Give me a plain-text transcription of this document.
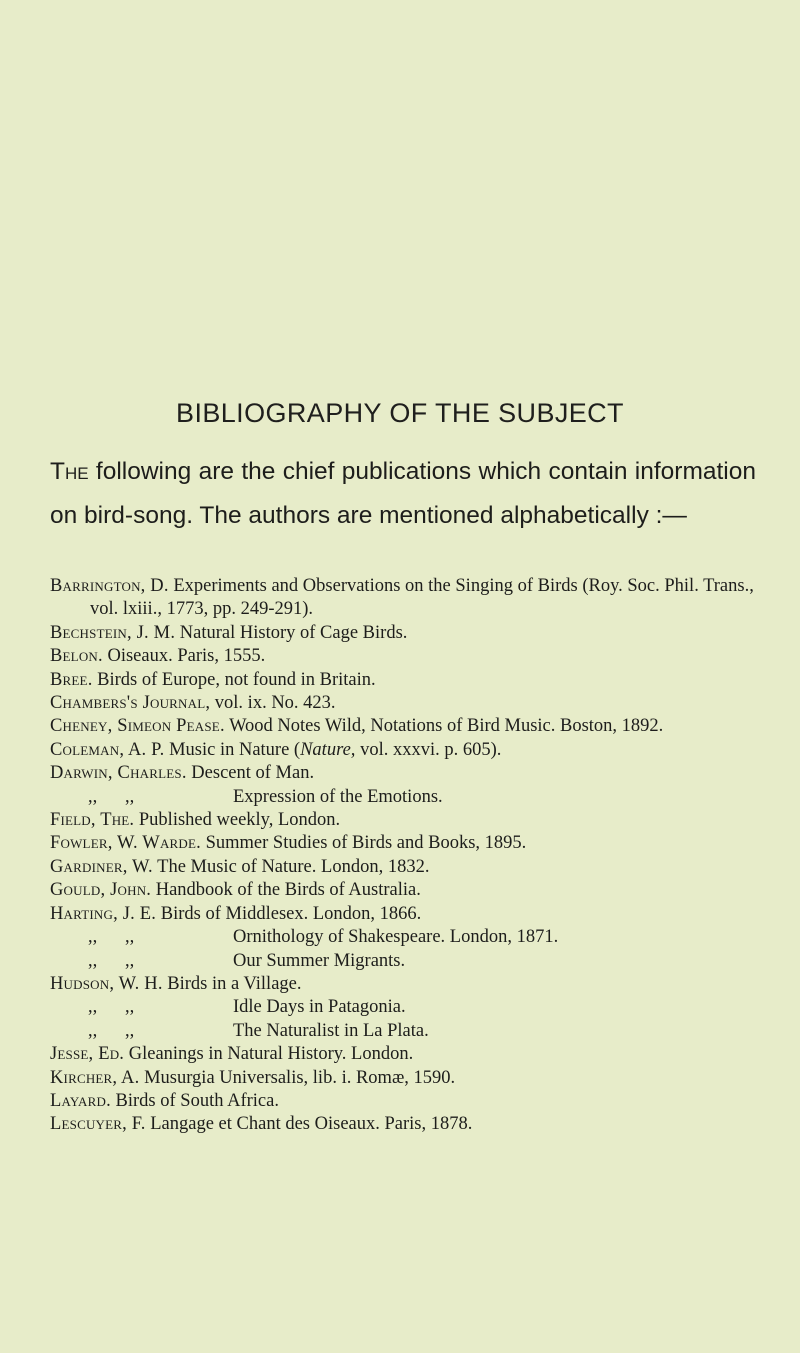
BIBLIOGRAPHY OF THE SUBJECT

The following are the chief publications which contain information on bird-song. The authors are mentioned alphabetically :—

Barrington, D. Experiments and Observations on the Singing of Birds (Roy. Soc. Phil. Trans., vol. lxiii., 1773, pp. 249-291).
Bechstein, J. M. Natural History of Cage Birds.
Belon. Oiseaux. Paris, 1555.
Bree. Birds of Europe, not found in Britain.
Chambers's Journal, vol. ix. No. 423.
Cheney, Simeon Pease. Wood Notes Wild, Notations of Bird Music. Boston, 1892.
Coleman, A. P. Music in Nature (Nature, vol. xxxvi. p. 605).
Darwin, Charles. Descent of Man.
,,      ,,	Expression of the Emotions.
Field, The. Published weekly, London.
Fowler, W. Warde. Summer Studies of Birds and Books, 1895.
Gardiner, W. The Music of Nature. London, 1832.
Gould, John. Handbook of the Birds of Australia.
Harting, J. E. Birds of Middlesex. London, 1866.
,,      ,,	Ornithology of Shakespeare. London, 1871.
,,      ,,	Our Summer Migrants.
Hudson, W. H. Birds in a Village.
,,      ,,	Idle Days in Patagonia.
,,      ,,	The Naturalist in La Plata.
Jesse, Ed. Gleanings in Natural History. London.
Kircher, A. Musurgia Universalis, lib. i. Romæ, 1590.
Layard. Birds of South Africa.
Lescuyer, F. Langage et Chant des Oiseaux. Paris, 1878.
